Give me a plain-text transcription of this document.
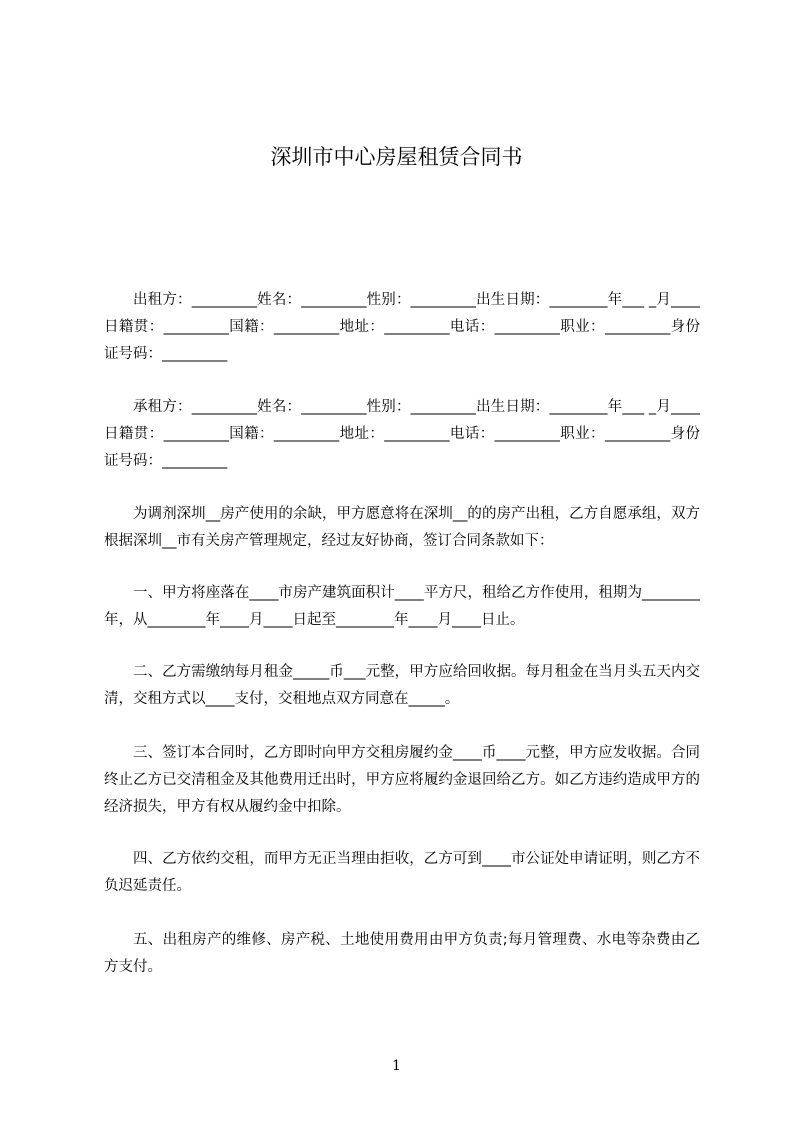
深圳市中心房屋租赁合同书

出租方：_________姓名：_________性别：_________出生日期：________年___ _月____日籍贯：_________国籍：_________地址：_________电话：_________职业：_________身份证号码：_________

承租方：_________姓名：_________性别：_________出生日期：________年___ _月____日籍贯：_________国籍：_________地址：_________电话：_________职业：_________身份证号码：_________

为调剂深圳__房产使用的余缺，甲方愿意将在深圳__的的房产出租，乙方自愿承组，双方根据深圳__市有关房产管理规定，经过友好协商，签订合同条款如下：

一、甲方将座落在____市房产建筑面积计____平方尺，租给乙方作使用，租期为________年，从________年____月____日起至________年____月____日止。

二、乙方需缴纳每月租金_____币___元整，甲方应给回收据。每月租金在当月头五天内交清，交租方式以____支付，交租地点双方同意在_____。

三、签订本合同时，乙方即时向甲方交租房履约金____币____元整，甲方应发收据。合同终止乙方已交清租金及其他费用迁出时，甲方应将履约金退回给乙方。如乙方违约造成甲方的经济损失，甲方有权从履约金中扣除。

四、乙方依约交租，而甲方无正当理由拒收，乙方可到____市公证处申请证明，则乙方不负迟延责任。

五、出租房产的维修、房产税、土地使用费用由甲方负责;每月管理费、水电等杂费由乙方支付。

1
